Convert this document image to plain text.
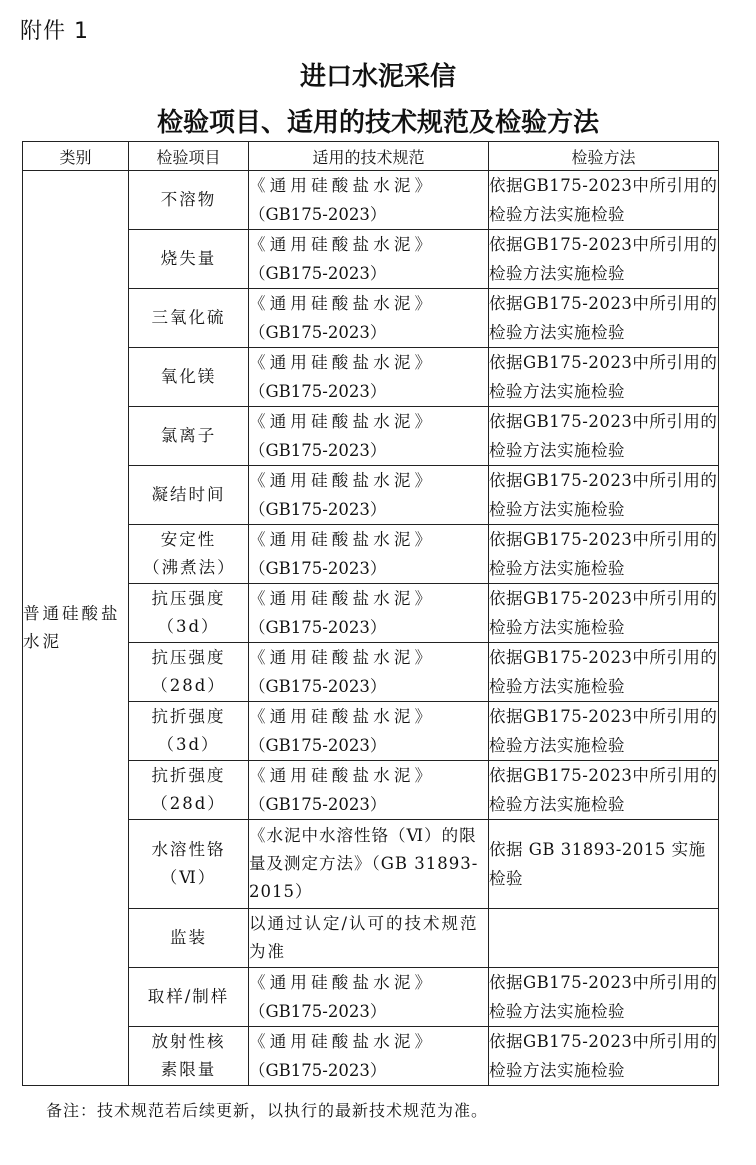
附件 1
进口水泥采信
检验项目、适用的技术规范及检验方法
类别	检验项目	适用的技术规范	检验方法
普通硅酸盐水泥	不溶物	《通用硅酸盐水泥》
（GB175-2023）	依据GB175-2023中所引用的检验方法实施检验

	烧失量	《通用硅酸盐水泥》
（GB175-2023）	依据GB175-2023中所引用的检验方法实施检验

	三氧化硫	《通用硅酸盐水泥》
（GB175-2023）	依据GB175-2023中所引用的检验方法实施检验

	氧化镁	《通用硅酸盐水泥》
（GB175-2023）	依据GB175-2023中所引用的检验方法实施检验

	氯离子	《通用硅酸盐水泥》
（GB175-2023）	依据GB175-2023中所引用的检验方法实施检验

	凝结时间	《通用硅酸盐水泥》
（GB175-2023）	依据GB175-2023中所引用的检验方法实施检验

	安定性（沸煮法）	《通用硅酸盐水泥》
（GB175-2023）	依据GB175-2023中所引用的检验方法实施检验

	抗压强度（3d）	《通用硅酸盐水泥》
（GB175-2023）	依据GB175-2023中所引用的检验方法实施检验

	抗压强度（28d）	《通用硅酸盐水泥》
（GB175-2023）	依据GB175-2023中所引用的检验方法实施检验

	抗折强度（3d）	《通用硅酸盐水泥》
（GB175-2023）	依据GB175-2023中所引用的检验方法实施检验

	抗折强度（28d）	《通用硅酸盐水泥》
（GB175-2023）	依据GB175-2023中所引用的检验方法实施检验

	水溶性铬（Ⅵ）	《水泥中水溶性铬（Ⅵ）的限量及测定方法》（GB 31893-2015）	依据 GB 31893-2015 实施检验

	监装	以通过认定/认可的技术规范为准	

	取样/制样	《通用硅酸盐水泥》
（GB175-2023）	依据GB175-2023中所引用的检验方法实施检验

	放射性核素限量	《通用硅酸盐水泥》
（GB175-2023）	依据GB175-2023中所引用的检验方法实施检验
备注：技术规范若后续更新，以执行的最新技术规范为准。
